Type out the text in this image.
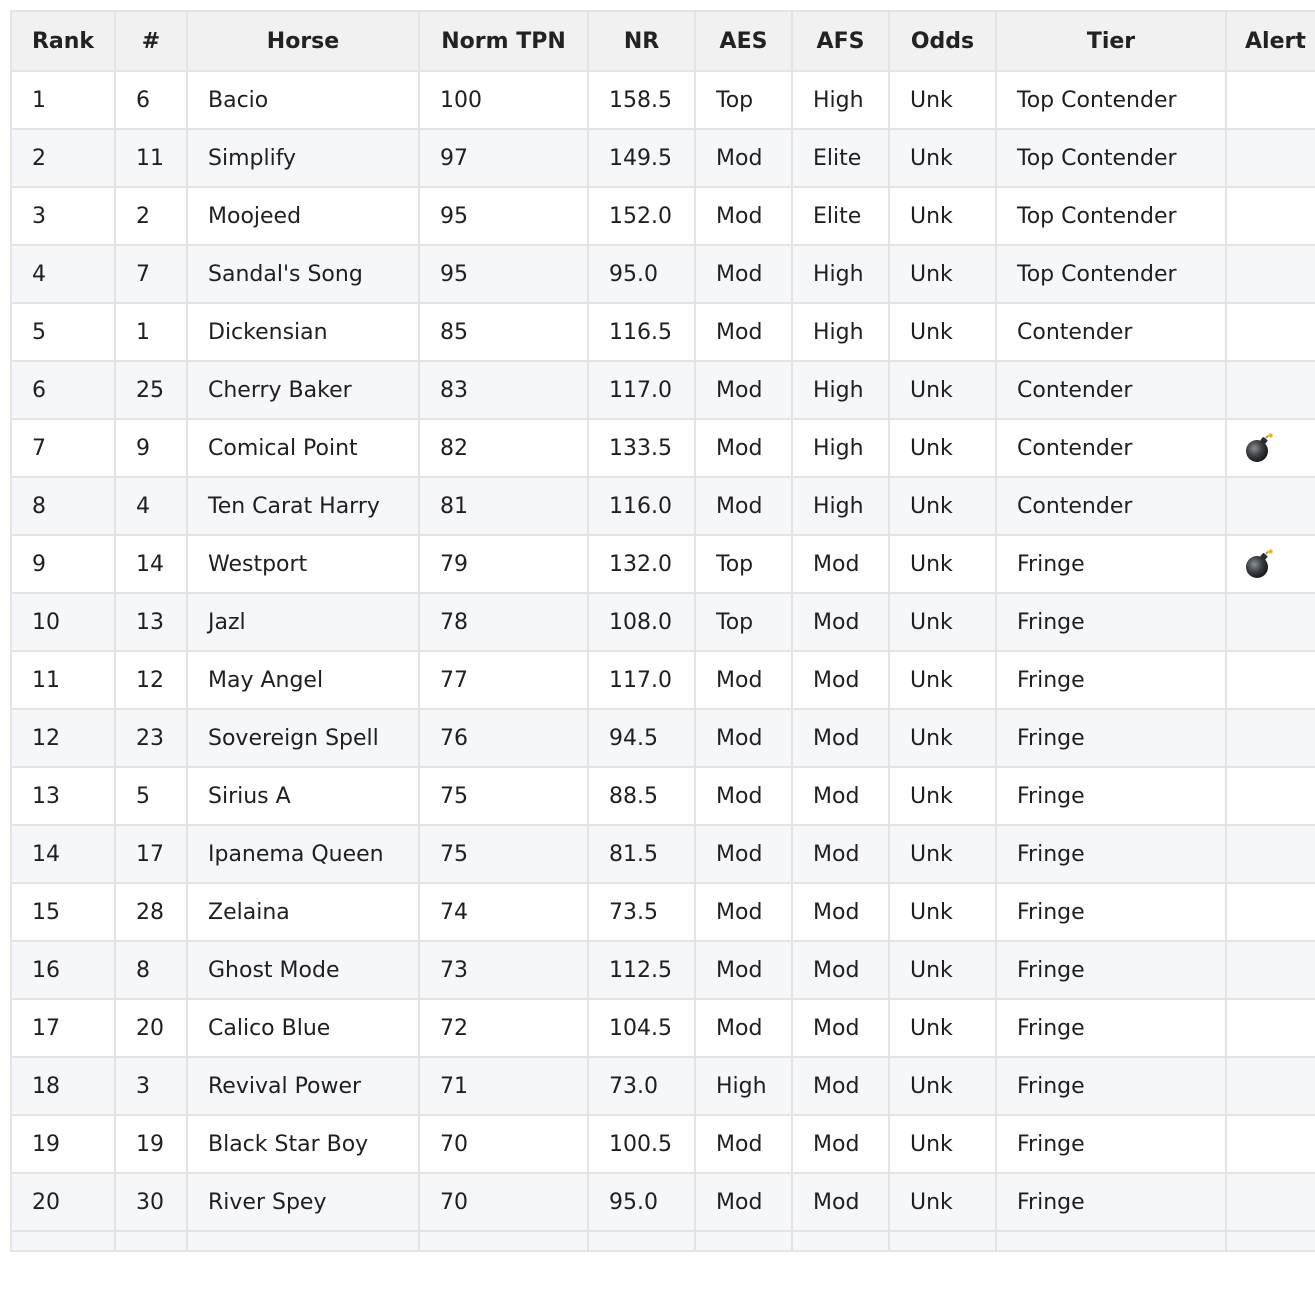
Rank	#	Horse	Norm TPN	NR	AES	AFS	Odds	Tier	Alert
1	6	Bacio	100	158.5	Top	High	Unk	Top Contender	
2	11	Simplify	97	149.5	Mod	Elite	Unk	Top Contender	
3	2	Moojeed	95	152.0	Mod	Elite	Unk	Top Contender	
4	7	Sandal's Song	95	95.0	Mod	High	Unk	Top Contender	
5	1	Dickensian	85	116.5	Mod	High	Unk	Contender	
6	25	Cherry Baker	83	117.0	Mod	High	Unk	Contender	
7	9	Comical Point	82	133.5	Mod	High	Unk	Contender	
8	4	Ten Carat Harry	81	116.0	Mod	High	Unk	Contender	
9	14	Westport	79	132.0	Top	Mod	Unk	Fringe	
10	13	Jazl	78	108.0	Top	Mod	Unk	Fringe	
11	12	May Angel	77	117.0	Mod	Mod	Unk	Fringe	
12	23	Sovereign Spell	76	94.5	Mod	Mod	Unk	Fringe	
13	5	Sirius A	75	88.5	Mod	Mod	Unk	Fringe	
14	17	Ipanema Queen	75	81.5	Mod	Mod	Unk	Fringe	
15	28	Zelaina	74	73.5	Mod	Mod	Unk	Fringe	
16	8	Ghost Mode	73	112.5	Mod	Mod	Unk	Fringe	
17	20	Calico Blue	72	104.5	Mod	Mod	Unk	Fringe	
18	3	Revival Power	71	73.0	High	Mod	Unk	Fringe	
19	19	Black Star Boy	70	100.5	Mod	Mod	Unk	Fringe	
20	30	River Spey	70	95.0	Mod	Mod	Unk	Fringe	
